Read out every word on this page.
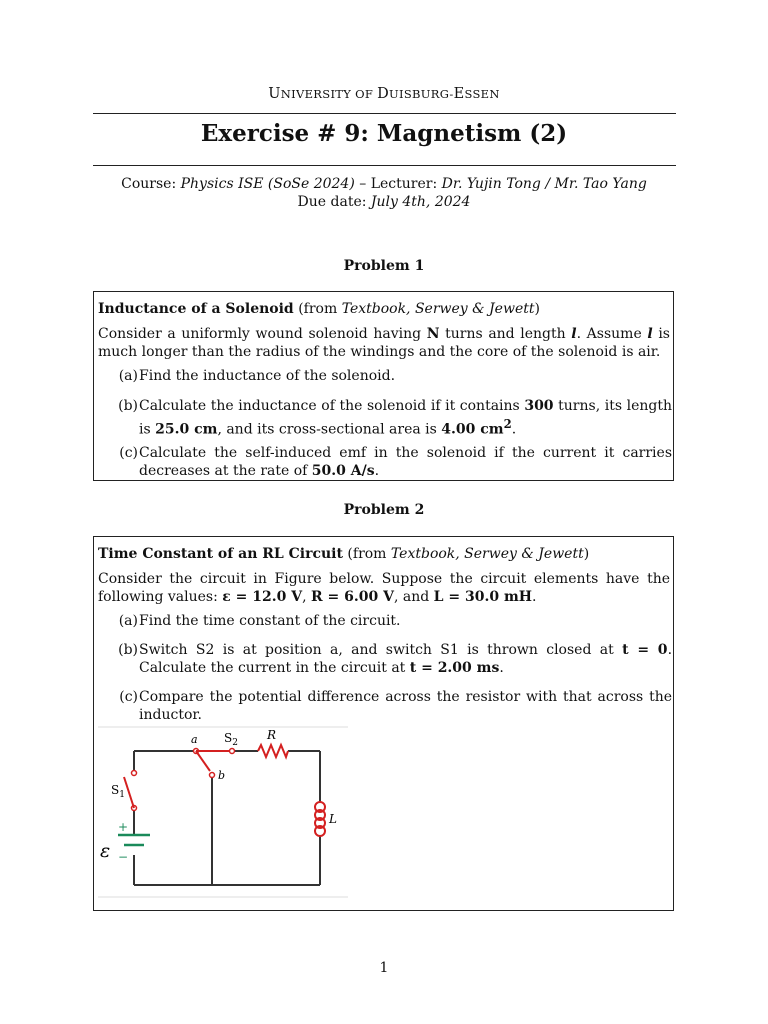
UNIVERSITY OF DUISBURG-ESSEN
Exercise # 9: Magnetism (2)
Course: Physics ISE (SoSe 2024) – Lecturer: Dr. Yujin Tong / Mr. Tao Yang
Due date: July 4th, 2024
Problem 1
Inductance of a Solenoid (from Textbook, Serwey & Jewett)
Consider a uniformly wound solenoid having N turns and length l. Assume l is much longer than the radius of the windings and the core of the solenoid is air.
(a) Find the inductance of the solenoid.
(b) Calculate the inductance of the solenoid if it contains 300 turns, its length is 25.0 cm, and its cross-sectional area is 4.00 $cm^2$.
(c) Calculate the self-induced emf in the solenoid if the current it carries decreases at the rate of 50.0 A/s.
Problem 2
Time Constant of an RL Circuit (from Textbook, Serwey & Jewett)
Consider the circuit in Figure below. Suppose the circuit elements have the following values: ε = 12.0 V, R = 6.00 V, and L = 30.0 mH.
(a) Find the time constant of the circuit.
(b) Switch S2 is at position a, and switch S1 is thrown closed at t = 0. Calculate the current in the circuit at t = 2.00 ms.
(c) Compare the potential difference across the resistor with that across the inductor.
a
b
$S_2$
R
L
$S_1$
ε
+
−
1
